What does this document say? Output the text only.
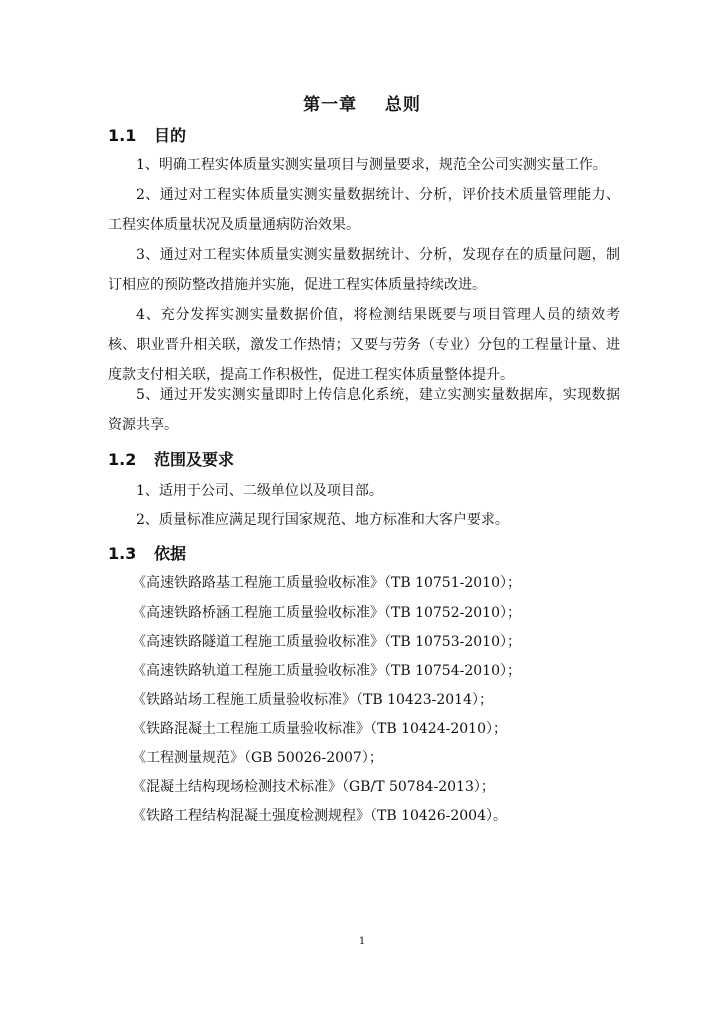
第一章    总则
1.1 目的

1、明确工程实体质量实测实量项目与测量要求，规范全公司实测实量工作。

2、通过对工程实体质量实测实量数据统计、分析，评价技术质量管理能力、工程实体质量状况及质量通病防治效果。

3、通过对工程实体质量实测实量数据统计、分析，发现存在的质量问题，制订相应的预防整改措施并实施，促进工程实体质量持续改进。

4、充分发挥实测实量数据价值，将检测结果既要与项目管理人员的绩效考核、职业晋升相关联，激发工作热情；又要与劳务（专业）分包的工程量计量、进度款支付相关联，提高工作积极性，促进工程实体质量整体提升。

5、通过开发实测实量即时上传信息化系统，建立实测实量数据库，实现数据资源共享。

1.2 范围及要求

1、适用于公司、二级单位以及项目部。

2、质量标准应满足现行国家规范、地方标准和大客户要求。

1.3 依据

《高速铁路路基工程施工质量验收标准》（TB 10751-2010）；

《高速铁路桥涵工程施工质量验收标准》（TB 10752-2010）；

《高速铁路隧道工程施工质量验收标准》（TB 10753-2010）；

《高速铁路轨道工程施工质量验收标准》（TB 10754-2010）；

《铁路站场工程施工质量验收标准》（TB 10423-2014）；

《铁路混凝土工程施工质量验收标准》（TB 10424-2010）；

《工程测量规范》（GB 50026-2007）；

《混凝土结构现场检测技术标准》（GB/T 50784-2013）；

《铁路工程结构混凝土强度检测规程》（TB 10426-2004）。

1
